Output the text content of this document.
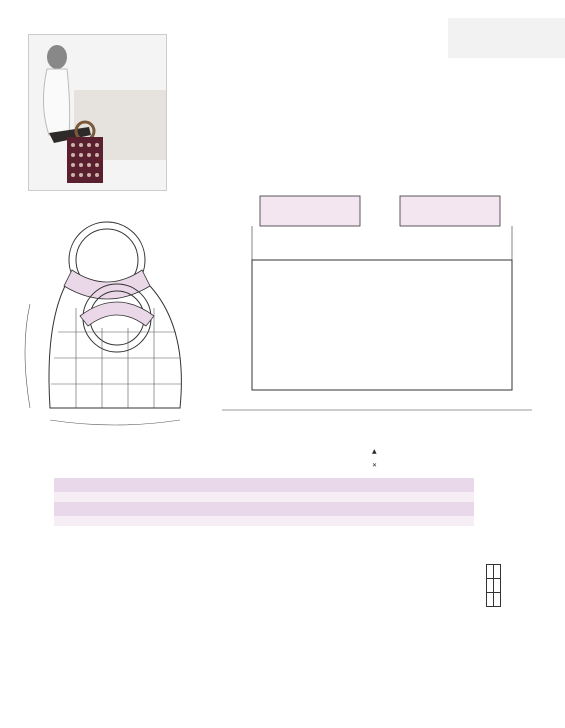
▲
✕
